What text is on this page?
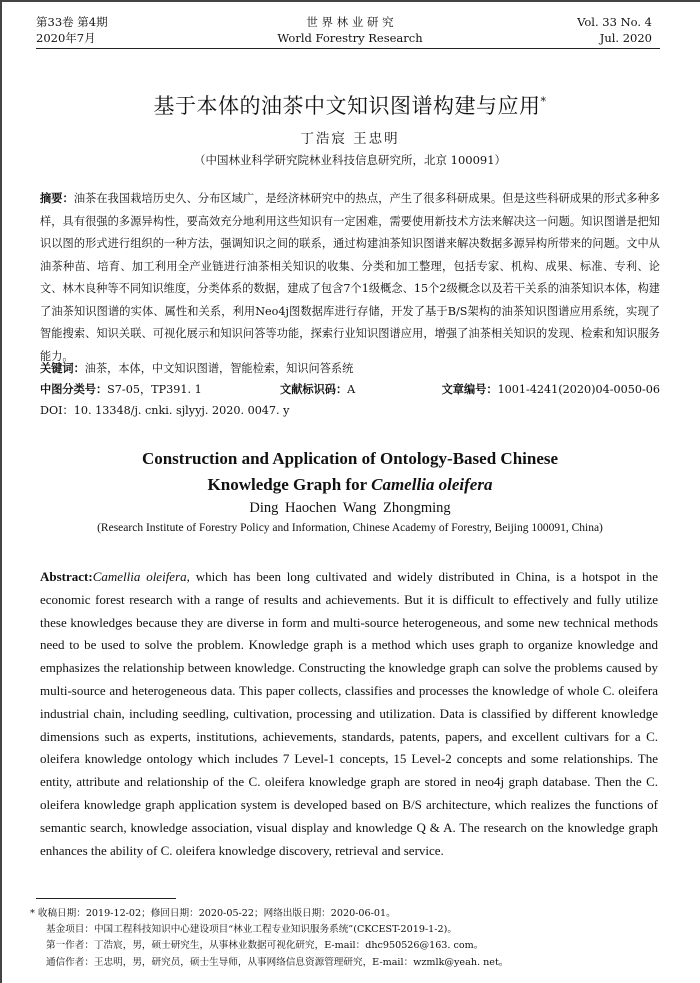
第33卷 第4期
2020年7月
世 界 林 业 研 究
World Forestry Research
Vol. 33 No. 4
Jul. 2020
基于本体的油茶中文知识图谱构建与应用*
丁浩宸 王忠明
（中国林业科学研究院林业科技信息研究所，北京 100091）
摘要：油茶在我国栽培历史久、分布区域广，是经济林研究中的热点，产生了很多科研成果。但是这些科研成果的形式多种多样，具有很强的多源异构性，要高效充分地利用这些知识有一定困难，需要使用新技术方法来解决这一问题。知识图谱是把知识以图的形式进行组织的一种方法，强调知识之间的联系，通过构建油茶知识图谱来解决数据多源异构所带来的问题。文中从油茶种苗、培育、加工利用全产业链进行油茶相关知识的收集、分类和加工整理，包括专家、机构、成果、标准、专利、论文、林木良种等不同知识维度，分类体系的数据，建成了包含7个1级概念、15个2级概念以及若干关系的油茶知识本体，构建了油茶知识图谱的实体、属性和关系，利用Neo4j图数据库进行存储，开发了基于B/S架构的油茶知识图谱应用系统，实现了智能搜索、知识关联、可视化展示和知识问答等功能，探索行业知识图谱应用，增强了油茶相关知识的发现、检索和知识服务能力。
关键词：油茶，本体，中文知识图谱，智能检索，知识问答系统
中图分类号：S7-05，TP391. 1	文献标识码：A	文章编号：1001-4241(2020)04-0050-06
DOI：10. 13348/j. cnki. sjlyyj. 2020. 0047. y
Construction and Application of Ontology-Based Chinese
Knowledge Graph for Camellia oleifera
Ding Haochen Wang Zhongming
(Research Institute of Forestry Policy and Information, Chinese Academy of Forestry, Beijing 100091, China)
Abstract:Camellia oleifera, which has been long cultivated and widely distributed in China, is a hotspot in the economic forest research with a range of results and achievements. But it is difficult to effectively and fully utilize these knowledges because they are diverse in form and multi-source heterogeneous, and some new technical methods need to be used to solve the problem. Knowledge graph is a method which uses graph to organize knowledge and emphasizes the relationship between knowledge. Constructing the knowledge graph can solve the problems caused by multi-source and heterogeneous data. This paper collects, classifies and processes the knowledge of whole C. oleifera industrial chain, including seedling, cultivation, processing and utilization. Data is classified by different knowledge dimensions such as experts, institutions, achievements, standards, patents, papers, and excellent cultivars for a C. oleifera knowledge ontology which includes 7 Level-1 concepts, 15 Level-2 concepts and some relationships. The entity, attribute and relationship of the C. oleifera knowledge graph are stored in neo4j graph database. Then the C. oleifera knowledge graph application system is developed based on B/S architecture, which realizes the functions of semantic search, knowledge association, visual display and knowledge Q & A. The research on the knowledge graph enhances the ability of C. oleifera knowledge discovery, retrieval and service.
* 收稿日期：2019-12-02；修回日期：2020-05-22；网络出版日期：2020-06-01。
基金项目：中国工程科技知识中心建设项目“林业工程专业知识服务系统”(CKCEST-2019-1-2)。
第一作者：丁浩宸，男，硕士研究生，从事林业数据可视化研究，E-mail：dhc950526@163. com。
通信作者：王忠明，男，研究员，硕士生导师，从事网络信息资源管理研究，E-mail：wzmlk@yeah. net。
